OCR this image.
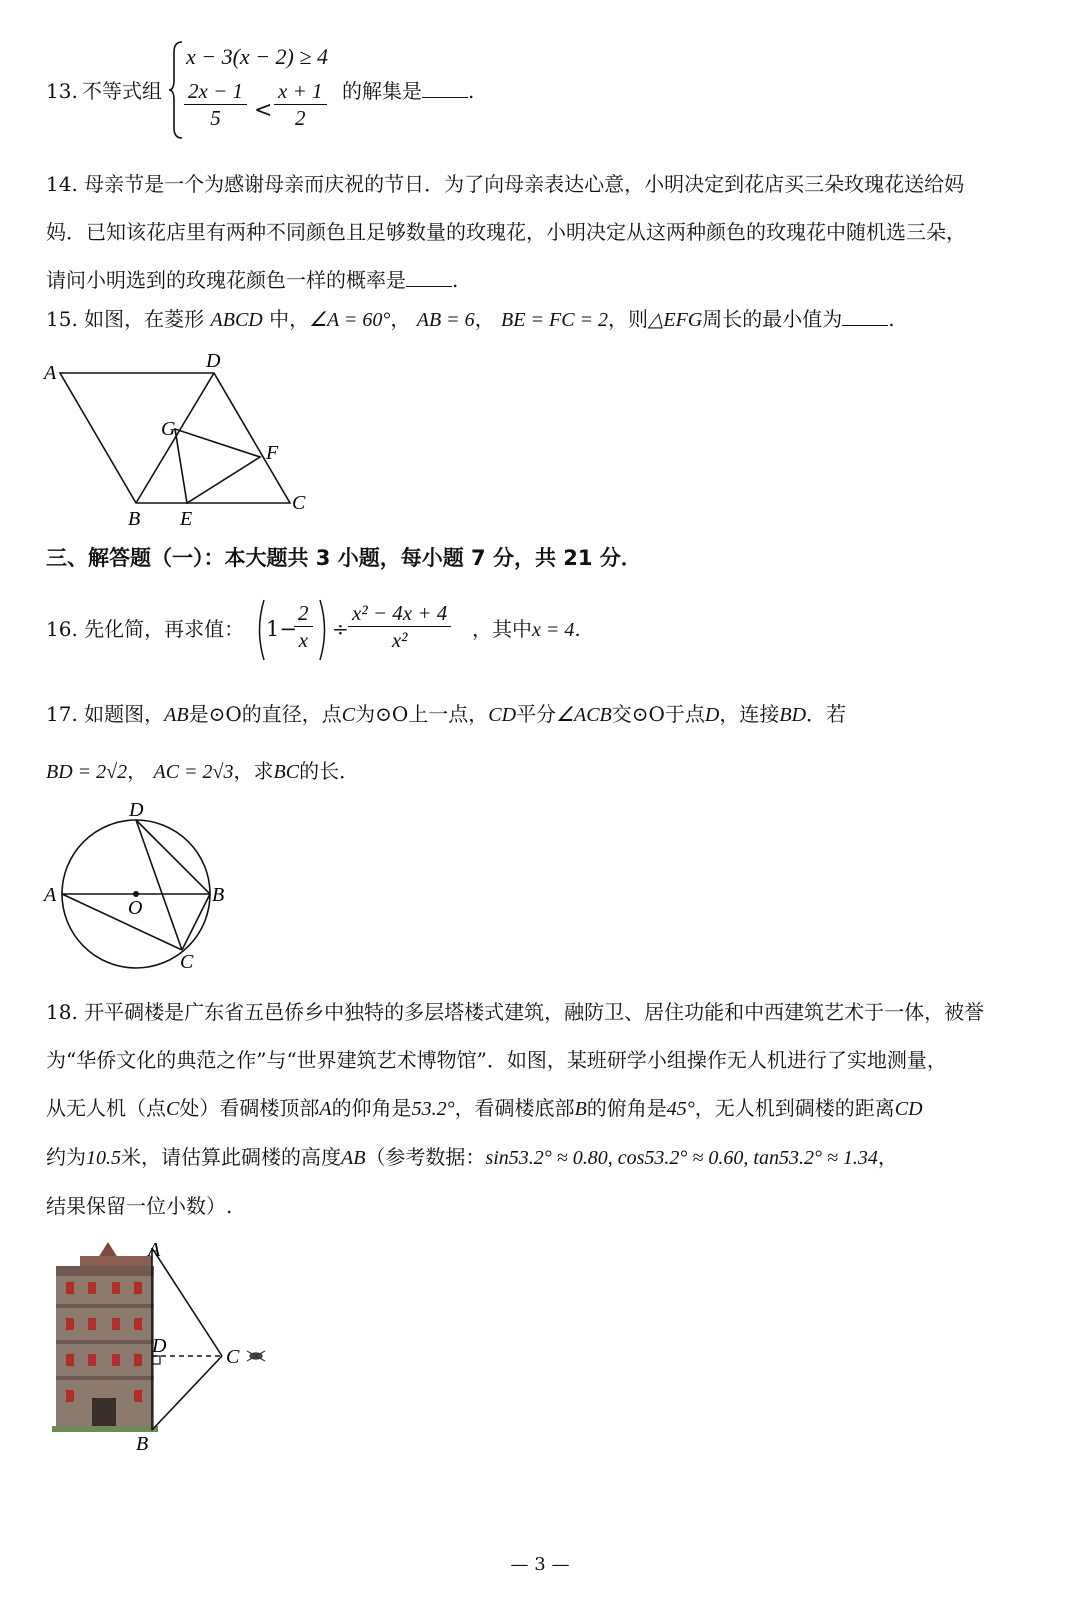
13. 不等式组
x − 3(x − 2) ≥ 4
$\frac{2x - 1}{5} < \frac{x + 1}{2}$ 的解集是 .
14. 母亲节是一个为感谢母亲而庆祝的节日．为了向母亲表达心意，小明决定到花店买三朵玫瑰花送给妈
妈．已知该花店里有两种不同颜色且足够数量的玫瑰花，小明决定从这两种颜色的玫瑰花中随机选三朵，
请问小明选到的玫瑰花颜色一样的概率是 .
15. 如图，在菱形 ABCD 中，∠A = 60°， AB = 6， BE = FC = 2，则△EFG周长的最小值为 .
A
D
G
F
B E
C
三、解答题（一）：本大题共 3 小题，每小题 7 分，共 21 分．
16. 先化简，再求值： 1−
$\frac{2}{x} \div \frac{\text{x² − 4x + 4}}{\text{x²}}$ ，其中x = 4.
17. 如题图，AB是⊙O的直径，点C为⊙O上一点，CD平分∠ACB交⊙O于点D，连接BD．若
BD = 2√2， AC = 2√3，求BC的长．
D
A
O
B
C
18. 开平碉楼是广东省五邑侨乡中独特的多层塔楼式建筑，融防卫、居住功能和中西建筑艺术于一体，被誉
为“华侨文化的典范之作”与“世界建筑艺术博物馆”．如图，某班研学小组操作无人机进行了实地测量，
从无人机（点C处）看碉楼顶部A的仰角是53.2°，看碉楼底部B的俯角是45°，无人机到碉楼的距离CD
约为10.5米，请估算此碉楼的高度AB（参考数据：sin53.2° ≈ 0.80, cos53.2° ≈ 0.60, tan53.2° ≈ 1.34，
结果保留一位小数）.
A
D	C
B
— 3 —
